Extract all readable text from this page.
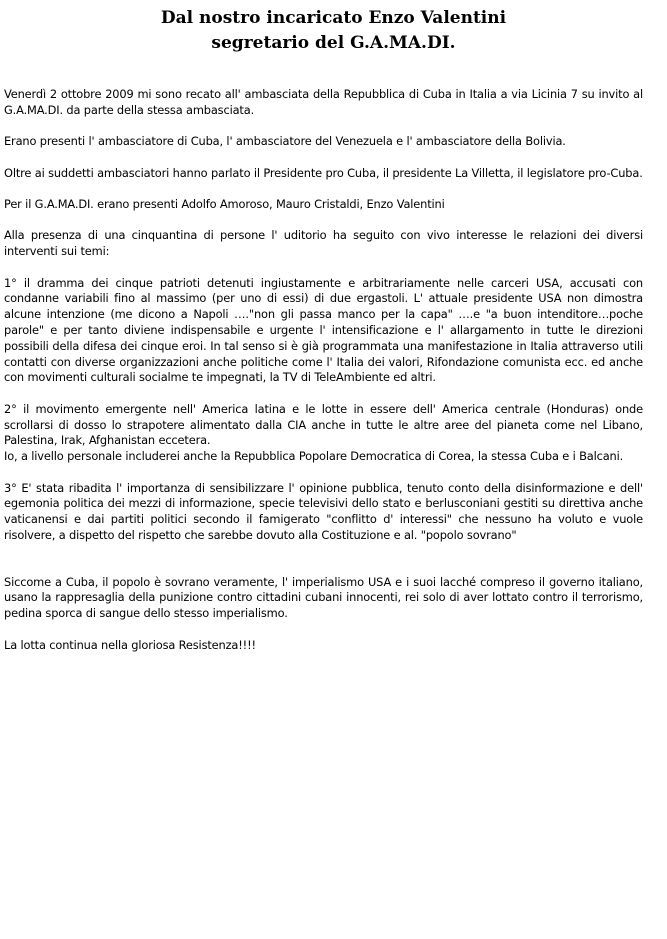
Dal nostro incaricato Enzo Valentini
segretario del G.A.MA.DI.

Venerdì 2 ottobre 2009 mi sono recato all' ambasciata della Repubblica di Cuba in Italia a via Licinia 7 su invito al G.A.MA.DI. da parte della stessa ambasciata.

Erano presenti l' ambasciatore di Cuba, l' ambasciatore del Venezuela e l' ambasciatore della Bolivia.

Oltre ai suddetti ambasciatori hanno parlato il Presidente pro Cuba, il presidente La Villetta, il legislatore pro-Cuba.

Per il G.A.MA.DI. erano presenti Adolfo Amoroso, Mauro Cristaldi, Enzo Valentini

Alla presenza di una cinquantina di persone l' uditorio ha seguito con vivo interesse le relazioni dei diversi interventi sui temi:

1° il dramma dei cinque patrioti detenuti ingiustamente e arbitrariamente nelle carceri USA, accusati con condanne variabili fino al massimo (per uno di essi) di due ergastoli. L' attuale presidente USA non dimostra alcune intenzione (me dicono a Napoli …."non gli passa manco per la capa" ….e "a buon intenditore…poche parole" e per tanto diviene indispensabile e urgente l' intensificazione e l' allargamento in tutte le direzioni possibili della difesa dei cinque eroi. In tal senso si è già programmata una manifestazione in Italia attraverso utili contatti con diverse organizzazioni anche politiche come l' Italia dei valori, Rifondazione comunista ecc. ed anche con movimenti culturali socialme te impegnati, la TV di TeleAmbiente ed altri.

2° il movimento emergente nell' America latina e le lotte in essere dell' America centrale (Honduras) onde scrollarsi di dosso lo strapotere alimentato dalla CIA anche in tutte le altre aree del pianeta come nel Libano, Palestina, Irak, Afghanistan eccetera.

Io, a livello personale includerei anche la Repubblica Popolare Democratica di Corea, la stessa Cuba e i Balcani.

3° E' stata ribadita l' importanza di sensibilizzare l' opinione pubblica, tenuto conto della disinformazione e dell' egemonia politica dei mezzi di informazione, specie televisivi dello stato e berlusconiani gestiti su direttiva anche vaticanensi e dai partiti politici secondo il famigerato "conflitto d' interessi" che nessuno ha voluto e vuole risolvere, a dispetto del rispetto che sarebbe dovuto alla Costituzione e al. "popolo sovrano"

Siccome a Cuba, il popolo è sovrano veramente, l' imperialismo USA e i suoi lacché compreso il governo italiano, usano la rappresaglia della punizione contro cittadini cubani innocenti, rei solo di aver lottato contro il terrorismo, pedina sporca di sangue dello stesso imperialismo.

La lotta continua nella gloriosa Resistenza!!!!
